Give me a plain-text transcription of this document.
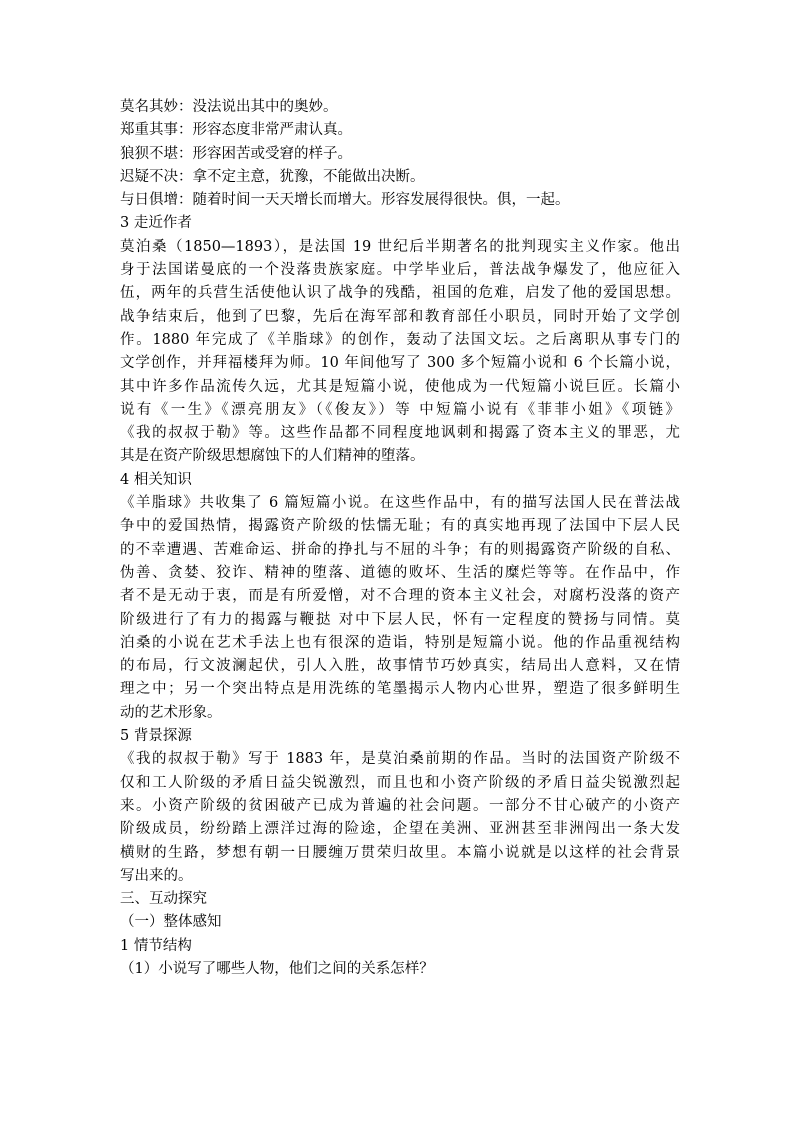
莫名其妙：没法说出其中的奥妙。
郑重其事：形容态度非常严肃认真。
狼狈不堪：形容困苦或受窘的样子。
迟疑不决：拿不定主意，犹豫，不能做出决断。
与日俱增：随着时间一天天增长而增大。形容发展得很快。俱，一起。
3 走近作者
莫泊桑（1850—1893），是法国 19 世纪后半期著名的批判现实主义作家。他出
身于法国诺曼底的一个没落贵族家庭。中学毕业后，普法战争爆发了，他应征入
伍，两年的兵营生活使他认识了战争的残酷，祖国的危难，启发了他的爱国思想。
战争结束后，他到了巴黎，先后在海军部和教育部任小职员，同时开始了文学创
作。1880 年完成了《羊脂球》的创作，轰动了法国文坛。之后离职从事专门的
文学创作，并拜福楼拜为师。10 年间他写了 300 多个短篇小说和 6 个长篇小说，
其中许多作品流传久远，尤其是短篇小说，使他成为一代短篇小说巨匠。长篇小
说有《一生》《漂亮朋友》（《俊友》）等 中短篇小说有《菲菲小姐》《项链》
《我的叔叔于勒》等。这些作品都不同程度地讽刺和揭露了资本主义的罪恶，尤
其是在资产阶级思想腐蚀下的人们精神的堕落。
4 相关知识
《羊脂球》共收集了 6 篇短篇小说。在这些作品中，有的描写法国人民在普法战
争中的爱国热情，揭露资产阶级的怯懦无耻；有的真实地再现了法国中下层人民
的不幸遭遇、苦难命运、拼命的挣扎与不屈的斗争；有的则揭露资产阶级的自私、
伪善、贪婪、狡诈、精神的堕落、道德的败坏、生活的糜烂等等。在作品中，作
者不是无动于衷，而是有所爱憎，对不合理的资本主义社会，对腐朽没落的资产
阶级进行了有力的揭露与鞭挞 对中下层人民，怀有一定程度的赞扬与同情。莫
泊桑的小说在艺术手法上也有很深的造诣，特别是短篇小说。他的作品重视结构
的布局，行文波澜起伏，引人入胜，故事情节巧妙真实，结局出人意料，又在情
理之中；另一个突出特点是用洗练的笔墨揭示人物内心世界，塑造了很多鲜明生
动的艺术形象。
5 背景探源
《我的叔叔于勒》写于 1883 年，是莫泊桑前期的作品。当时的法国资产阶级不
仅和工人阶级的矛盾日益尖锐激烈，而且也和小资产阶级的矛盾日益尖锐激烈起
来。小资产阶级的贫困破产已成为普遍的社会问题。一部分不甘心破产的小资产
阶级成员，纷纷踏上漂洋过海的险途，企望在美洲、亚洲甚至非洲闯出一条大发
横财的生路，梦想有朝一日腰缠万贯荣归故里。本篇小说就是以这样的社会背景
写出来的。
三、互动探究
（一）整体感知
1 情节结构
（1）小说写了哪些人物，他们之间的关系怎样？
